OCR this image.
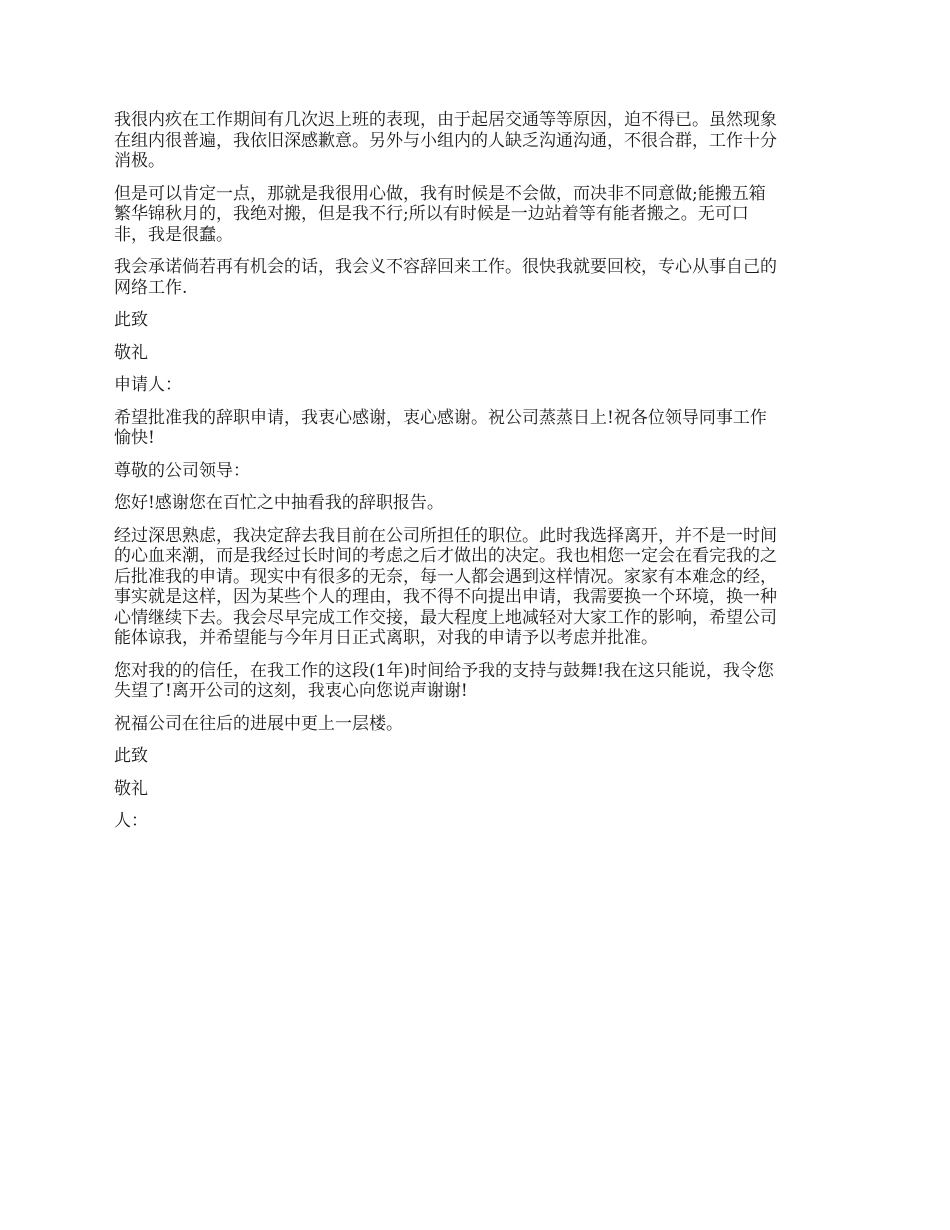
我很内疚在工作期间有几次迟上班的表现，由于起居交通等等原因，迫不得已。虽然现象
在组内很普遍，我依旧深感歉意。另外与小组内的人缺乏沟通沟通，不很合群，工作十分
消极。

但是可以肯定一点，那就是我很用心做，我有时候是不会做，而决非不同意做;能搬五箱
繁华锦秋月的，我绝对搬，但是我不行;所以有时候是一边站着等有能者搬之。无可口
非，我是很蠢。

我会承诺倘若再有机会的话，我会义不容辞回来工作。很快我就要回校，专心从事自己的
网络工作.

此致

敬礼

申请人：

希望批准我的辞职申请，我衷心感谢，衷心感谢。祝公司蒸蒸日上!祝各位领导同事工作
愉快!

尊敬的公司领导：

您好!感谢您在百忙之中抽看我的辞职报告。

经过深思熟虑，我决定辞去我目前在公司所担任的职位。此时我选择离开，并不是一时间
的心血来潮，而是我经过长时间的考虑之后才做出的决定。我也相您一定会在看完我的之
后批准我的申请。现实中有很多的无奈，每一人都会遇到这样情况。家家有本难念的经，
事实就是这样，因为某些个人的理由，我不得不向提出申请，我需要换一个环境，换一种
心情继续下去。我会尽早完成工作交接，最大程度上地减轻对大家工作的影响，希望公司
能体谅我，并希望能与今年月日正式离职，对我的申请予以考虑并批准。

您对我的的信任，在我工作的这段(1年)时间给予我的支持与鼓舞!我在这只能说，我令您
失望了!离开公司的这刻，我衷心向您说声谢谢!

祝福公司在往后的进展中更上一层楼。

此致

敬礼

人：
